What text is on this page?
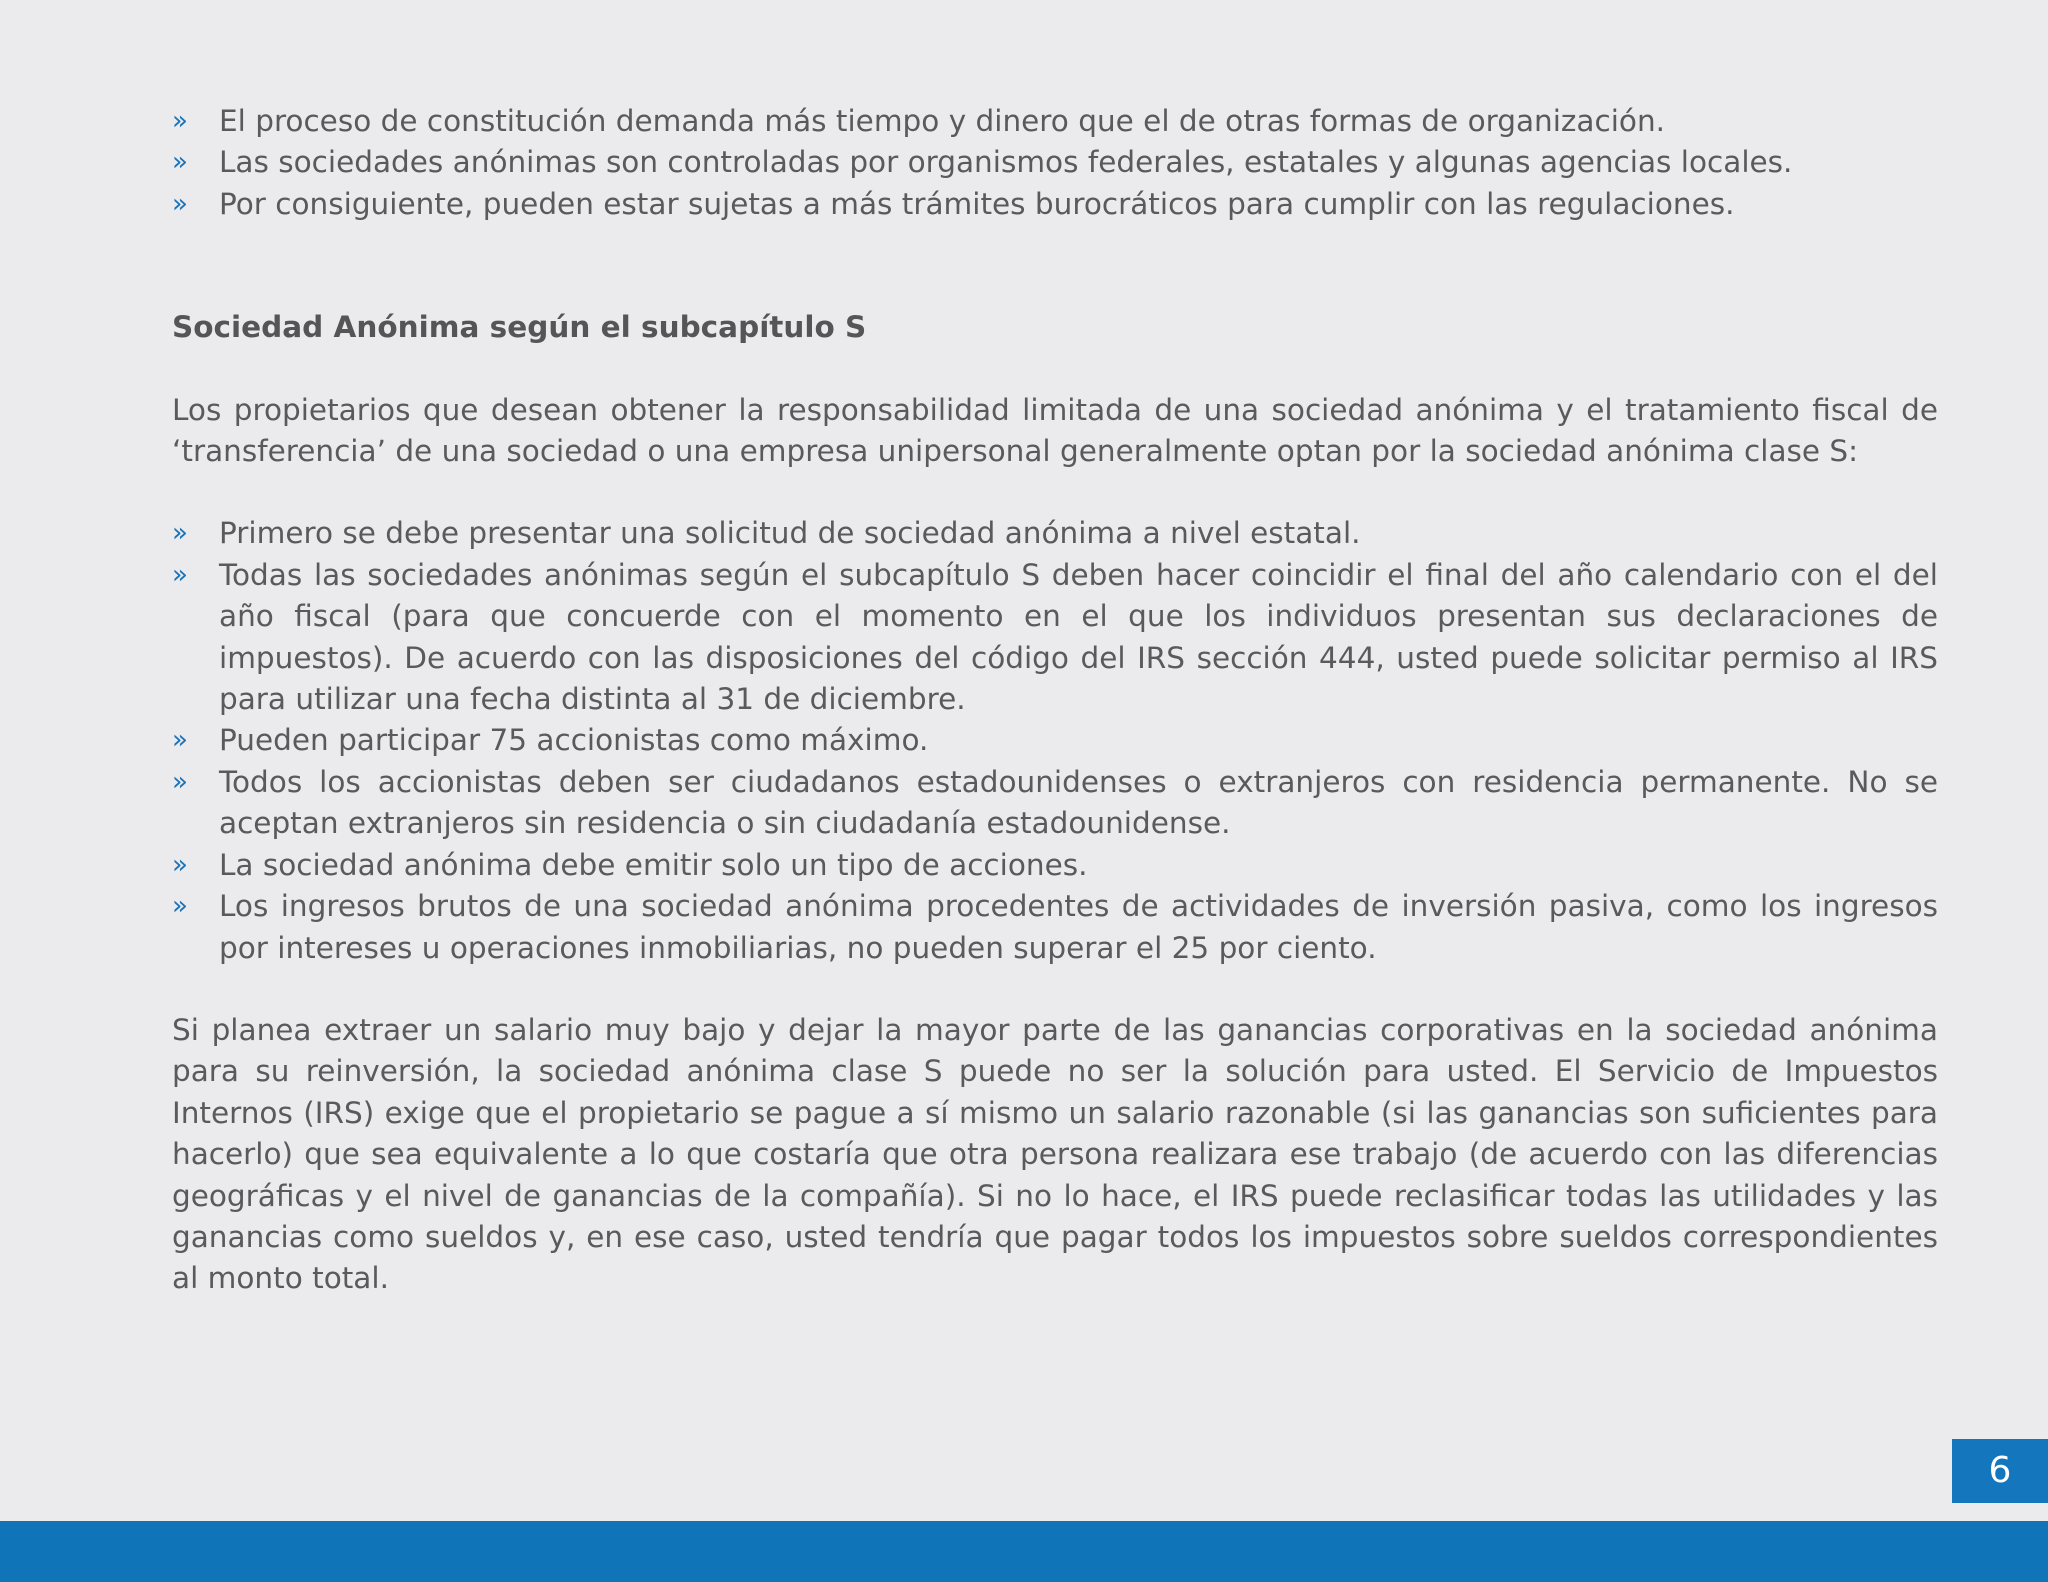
» El proceso de constitución demanda más tiempo y dinero que el de otras formas de organización.
» Las sociedades anónimas son controladas por organismos federales, estatales y algunas agencias locales.
» Por consiguiente, pueden estar sujetas a más trámites burocráticos para cumplir con las regulaciones.
Sociedad Anónima según el subcapítulo S

Los propietarios que desean obtener la responsabilidad limitada de una sociedad anónima y el tratamiento fiscal de ‘transferencia’ de una sociedad o una empresa unipersonal generalmente optan por la sociedad anónima clase S:

» Primero se debe presentar una solicitud de sociedad anónima a nivel estatal.
» Todas las sociedades anónimas según el subcapítulo S deben hacer coincidir el final del año calendario con el del año fiscal (para que concuerde con el momento en el que los individuos presentan sus declaraciones de impuestos). De acuerdo con las disposiciones del código del IRS sección 444, usted puede solicitar permiso al IRS para utilizar una fecha distinta al 31 de diciembre.
» Pueden participar 75 accionistas como máximo.
» Todos los accionistas deben ser ciudadanos estadounidenses o extranjeros con residencia permanente. No se aceptan extranjeros sin residencia o sin ciudadanía estadounidense.
» La sociedad anónima debe emitir solo un tipo de acciones.
» Los ingresos brutos de una sociedad anónima procedentes de actividades de inversión pasiva, como los ingresos por intereses u operaciones inmobiliarias, no pueden superar el 25 por ciento.

Si planea extraer un salario muy bajo y dejar la mayor parte de las ganancias corporativas en la sociedad anónima para su reinversión, la sociedad anónima clase S puede no ser la solución para usted. El Servicio de Impuestos Internos (IRS) exige que el propietario se pague a sí mismo un salario razonable (si las ganancias son suficientes para hacerlo) que sea equivalente a lo que costaría que otra persona realizara ese trabajo (de acuerdo con las diferencias geográficas y el nivel de ganancias de la compañía). Si no lo hace, el IRS puede reclasificar todas las utilidades y las ganancias como sueldos y, en ese caso, usted tendría que pagar todos los impuestos sobre sueldos correspondientes al monto total.

6
